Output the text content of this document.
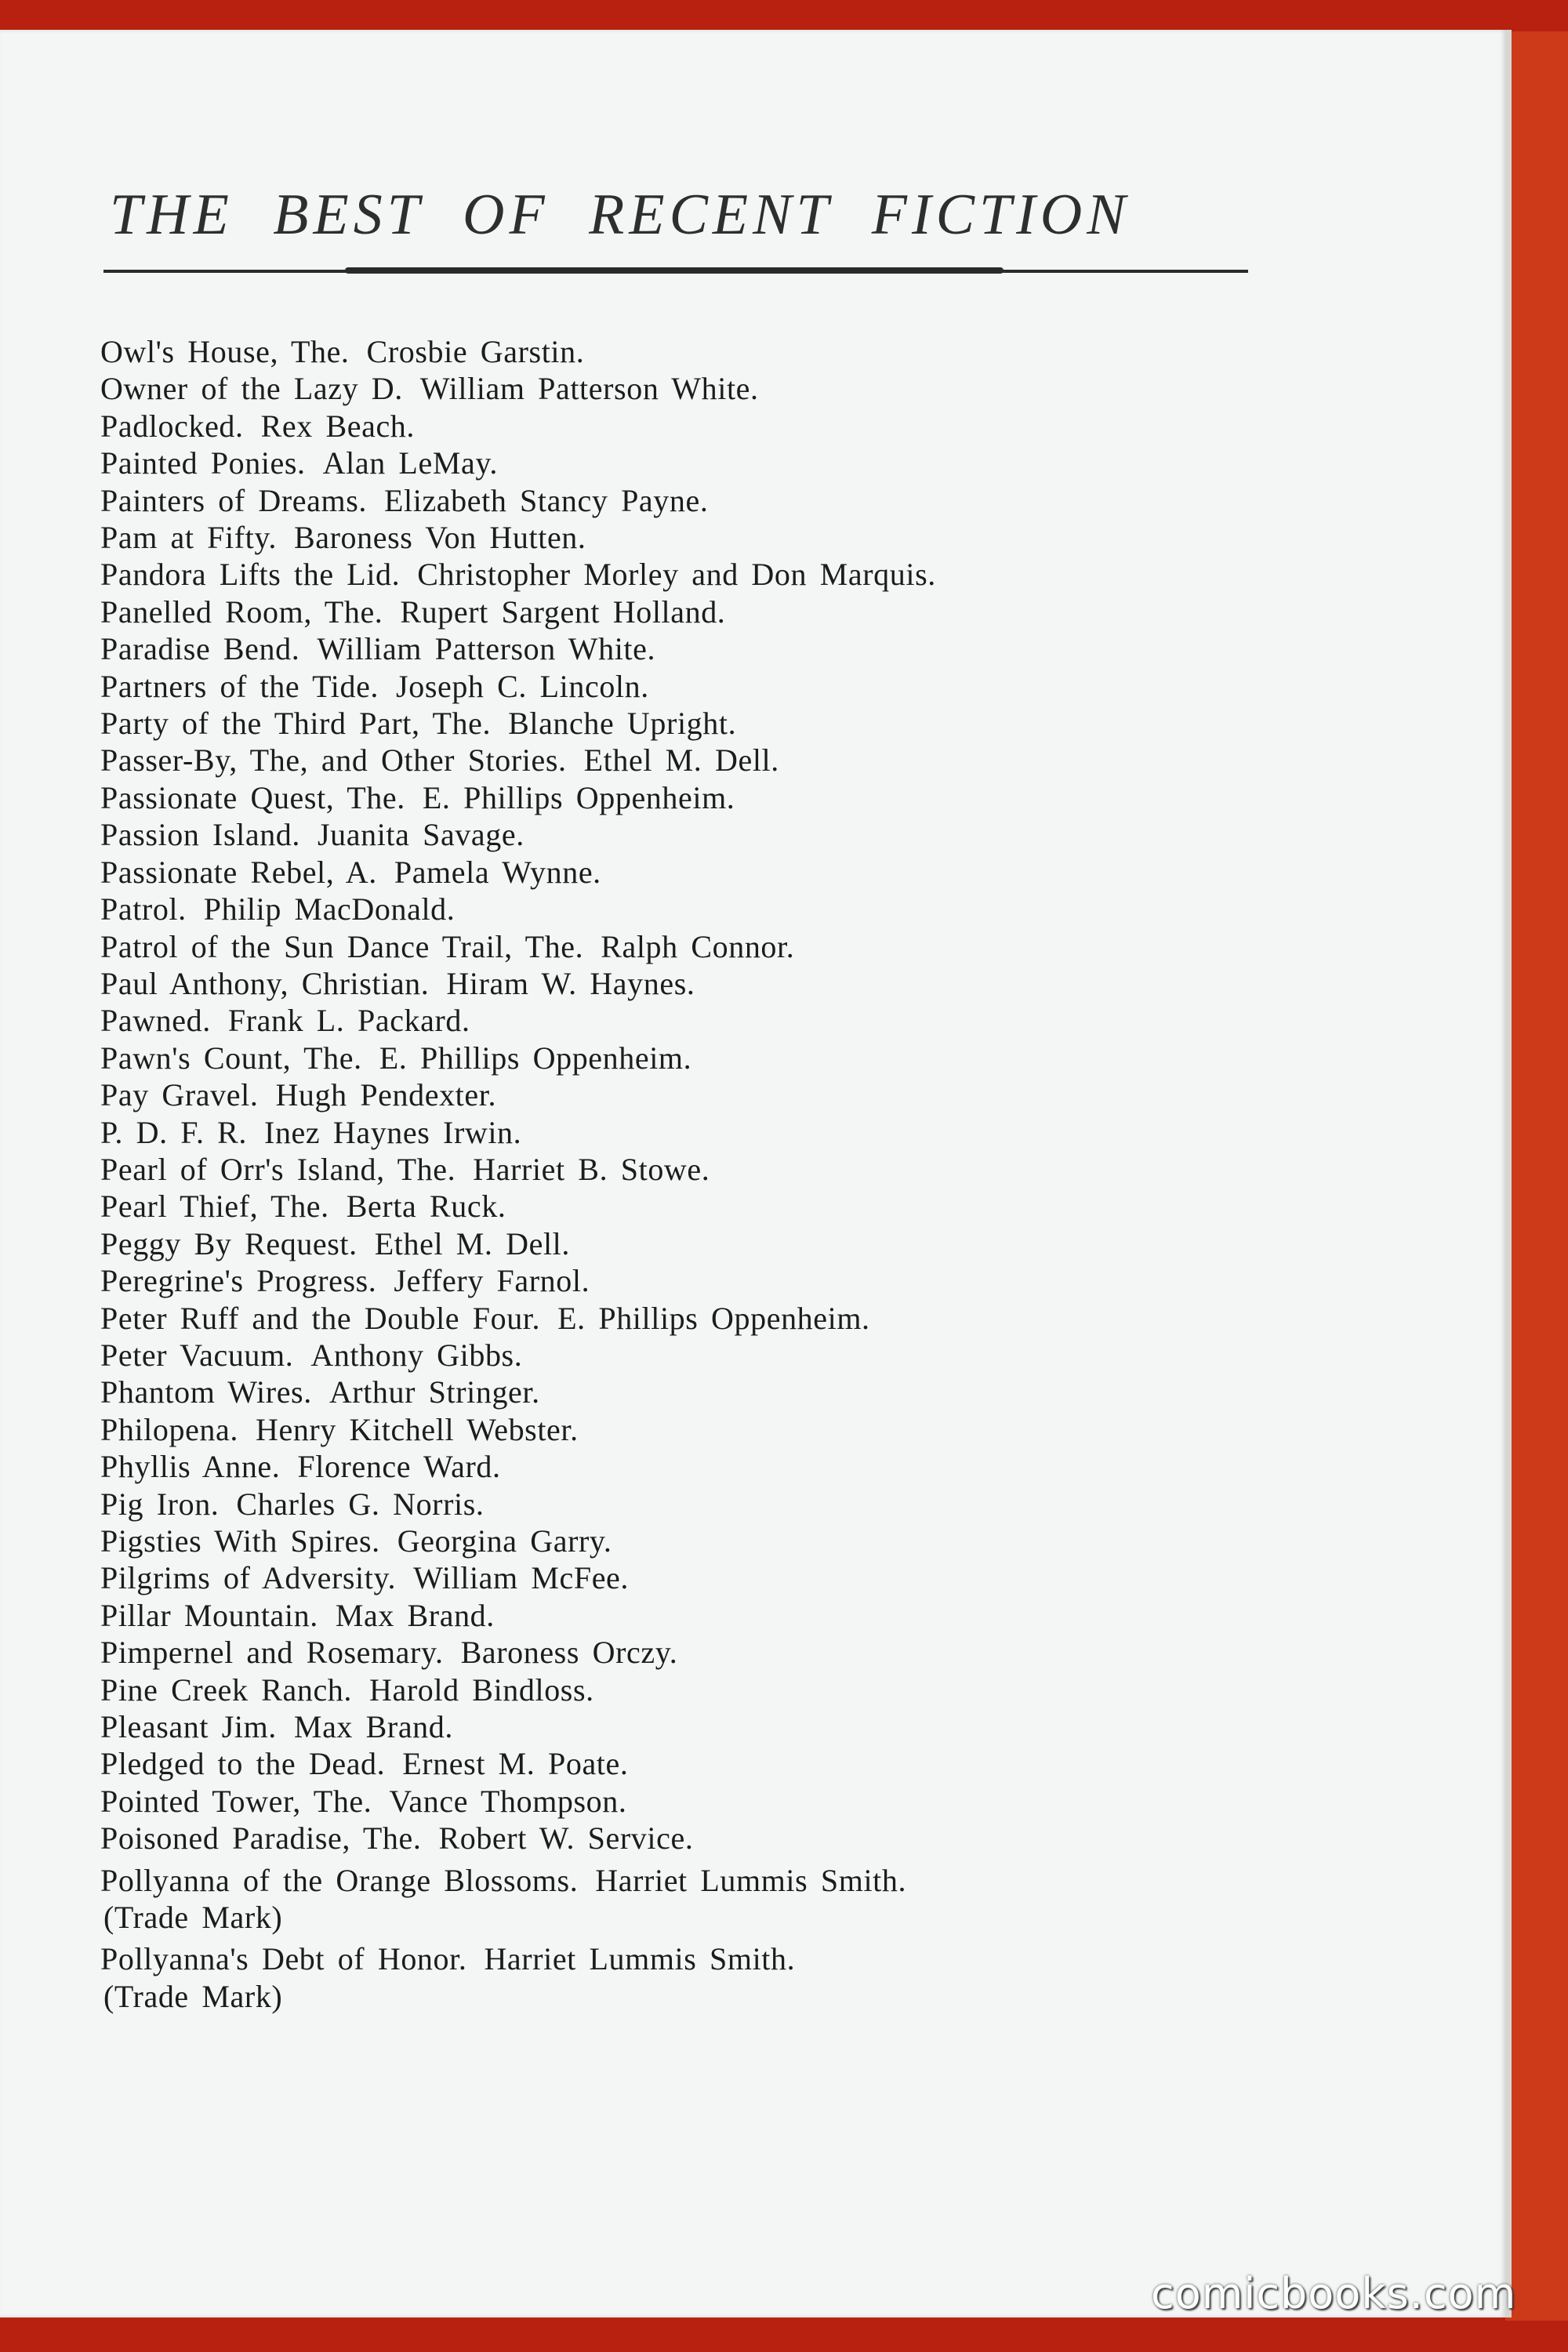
THE BEST OF RECENT FICTION
Owl's House, The. Crosbie Garstin.
Owner of the Lazy D. William Patterson White.
Padlocked. Rex Beach.
Painted Ponies. Alan LeMay.
Painters of Dreams. Elizabeth Stancy Payne.
Pam at Fifty. Baroness Von Hutten.
Pandora Lifts the Lid. Christopher Morley and Don Marquis.
Panelled Room, The. Rupert Sargent Holland.
Paradise Bend. William Patterson White.
Partners of the Tide. Joseph C. Lincoln.
Party of the Third Part, The. Blanche Upright.
Passer-By, The, and Other Stories. Ethel M. Dell.
Passionate Quest, The. E. Phillips Oppenheim.
Passion Island. Juanita Savage.
Passionate Rebel, A. Pamela Wynne.
Patrol. Philip MacDonald.
Patrol of the Sun Dance Trail, The. Ralph Connor.
Paul Anthony, Christian. Hiram W. Haynes.
Pawned. Frank L. Packard.
Pawn's Count, The. E. Phillips Oppenheim.
Pay Gravel. Hugh Pendexter.
P. D. F. R. Inez Haynes Irwin.
Pearl of Orr's Island, The. Harriet B. Stowe.
Pearl Thief, The. Berta Ruck.
Peggy By Request. Ethel M. Dell.
Peregrine's Progress. Jeffery Farnol.
Peter Ruff and the Double Four. E. Phillips Oppenheim.
Peter Vacuum. Anthony Gibbs.
Phantom Wires. Arthur Stringer.
Philopena. Henry Kitchell Webster.
Phyllis Anne. Florence Ward.
Pig Iron. Charles G. Norris.
Pigsties With Spires. Georgina Garry.
Pilgrims of Adversity. William McFee.
Pillar Mountain. Max Brand.
Pimpernel and Rosemary. Baroness Orczy.
Pine Creek Ranch. Harold Bindloss.
Pleasant Jim. Max Brand.
Pledged to the Dead. Ernest M. Poate.
Pointed Tower, The. Vance Thompson.
Poisoned Paradise, The. Robert W. Service.
Pollyanna of the Orange Blossoms. Harriet Lummis Smith.
(Trade Mark)
Pollyanna's Debt of Honor. Harriet Lummis Smith.
(Trade Mark)
comicbooks.com
